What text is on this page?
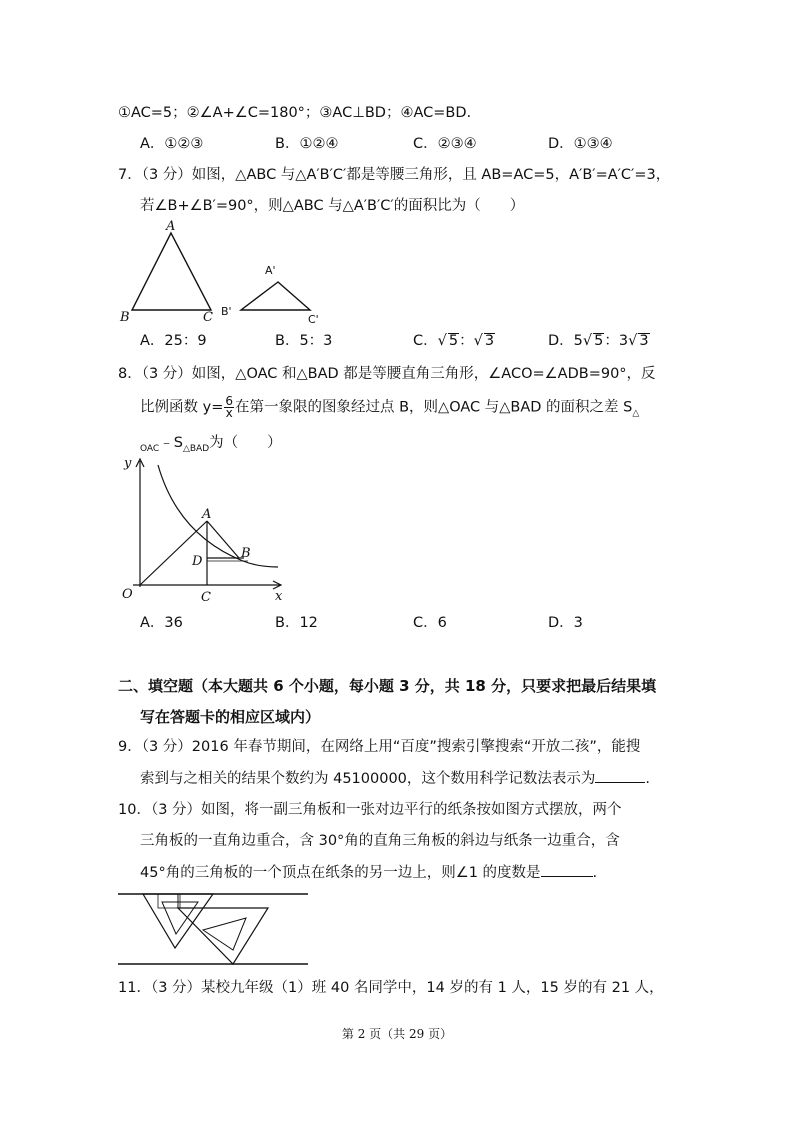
①AC=5；②∠A+∠C=180°；③AC⊥BD；④AC=BD.
A．①②③	B．①②④	C．②③④	D．①③④
7．（3 分）如图，△ABC 与△A′B′C′都是等腰三角形，且 AB=AC=5，A′B′=A′C′=3，
若∠B+∠B′=90°，则△ABC 与△A′B′C′的面积比为（　　）
A
B	C
A'
B'
C'
A．25：9	B．5：3	C．√ 5：√ 3	D．5√ 5：3√ 3
8．（3 分）如图，△OAC 和△BAD 都是等腰直角三角形，∠ACO=∠ADB=90°，反
比例函数 $y= \frac{6}{x}$ 在第一象限的图象经过点 B，则△OAC 与△BAD 的面积之差 $S_\triangle$
$_{OAC}﹣S_{\triangle BAD}$为（　　）
y
O	x
A
B
C
D
A．36	B．12	C．6	D．3
二、填空题（本大题共 6 个小题，每小题 3 分，共 18 分，只要求把最后结果填
写在答题卡的相应区域内）
9．（3 分）2016 年春节期间，在网络上用“百度”搜索引擎搜索“开放二孩”，能搜
索到与之相关的结果个数约为 45100000，这个数用科学记数法表示为	.
10．（3 分）如图，将一副三角板和一张对边平行的纸条按如图方式摆放，两个
三角板的一直角边重合，含 30°角的直角三角板的斜边与纸条一边重合，含
45°角的三角板的一个顶点在纸条的另一边上，则∠1 的度数是	.
11．（3 分）某校九年级（1）班 40 名同学中，14 岁的有 1 人，15 岁的有 21 人，
第 2 页（共 29 页）
